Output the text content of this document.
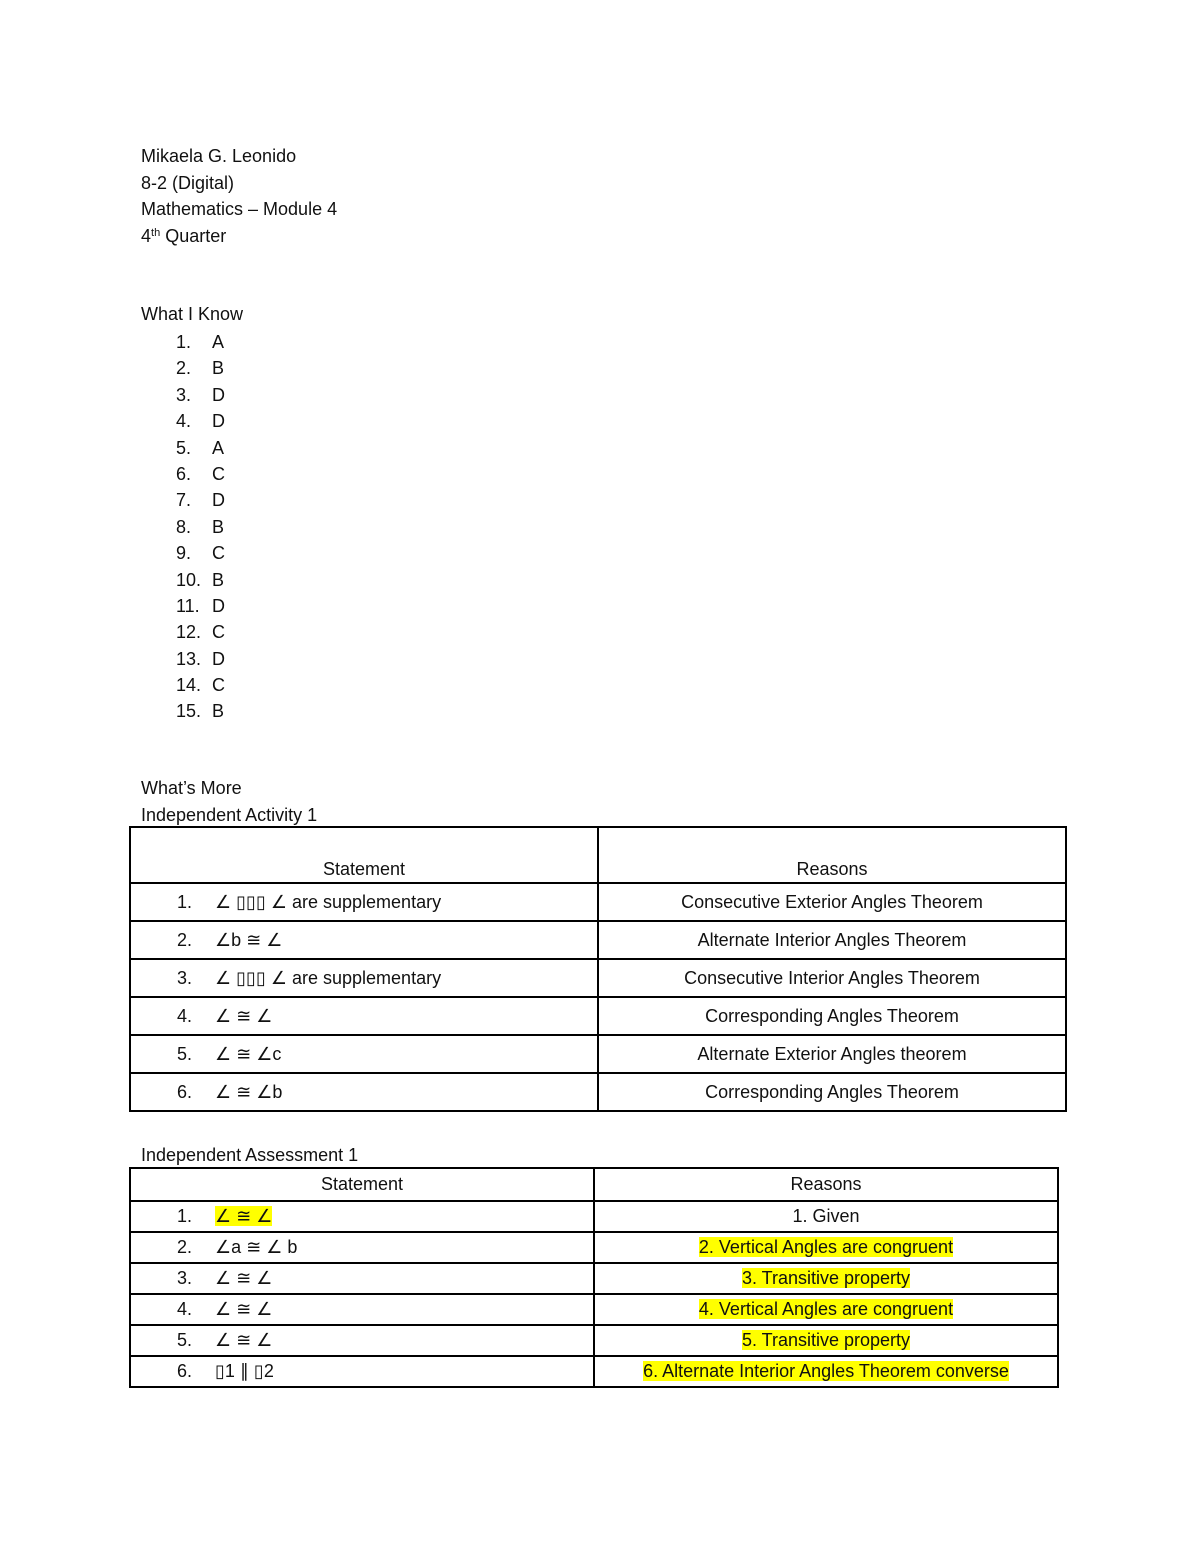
Mikaela G. Leonido
8-2 (Digital)
Mathematics – Module 4
4th Quarter
What I Know
1.	A
2.	B
3.	D
4.	D
5.	A
6.	C
7.	D
8.	B
9.	C
10. B
11. D
12. C
13. D
14. C
15. B
What’s More
Independent Activity 1
Statement	Reasons
1. ∠ ▯▯▯ ∠ are supplementary	Consecutive Exterior Angles Theorem
2. ∠b ≅ ∠	Alternate Interior Angles Theorem
3. ∠ ▯▯▯ ∠ are supplementary	Consecutive Interior Angles Theorem
4. ∠ ≅ ∠	Corresponding Angles Theorem
5. ∠ ≅ ∠c	Alternate Exterior Angles theorem
6. ∠ ≅ ∠b	Corresponding Angles Theorem
Independent Assessment 1
Statement	Reasons
1. ∠ ≅ ∠	1. Given
2. ∠a ≅ ∠ b	2. Vertical Angles are congruent
3. ∠ ≅ ∠	3. Transitive property
4. ∠ ≅ ∠	4. Vertical Angles are congruent
5. ∠ ≅ ∠	5. Transitive property
6. ▯1 ∥ ▯2	6. Alternate Interior Angles Theorem converse
